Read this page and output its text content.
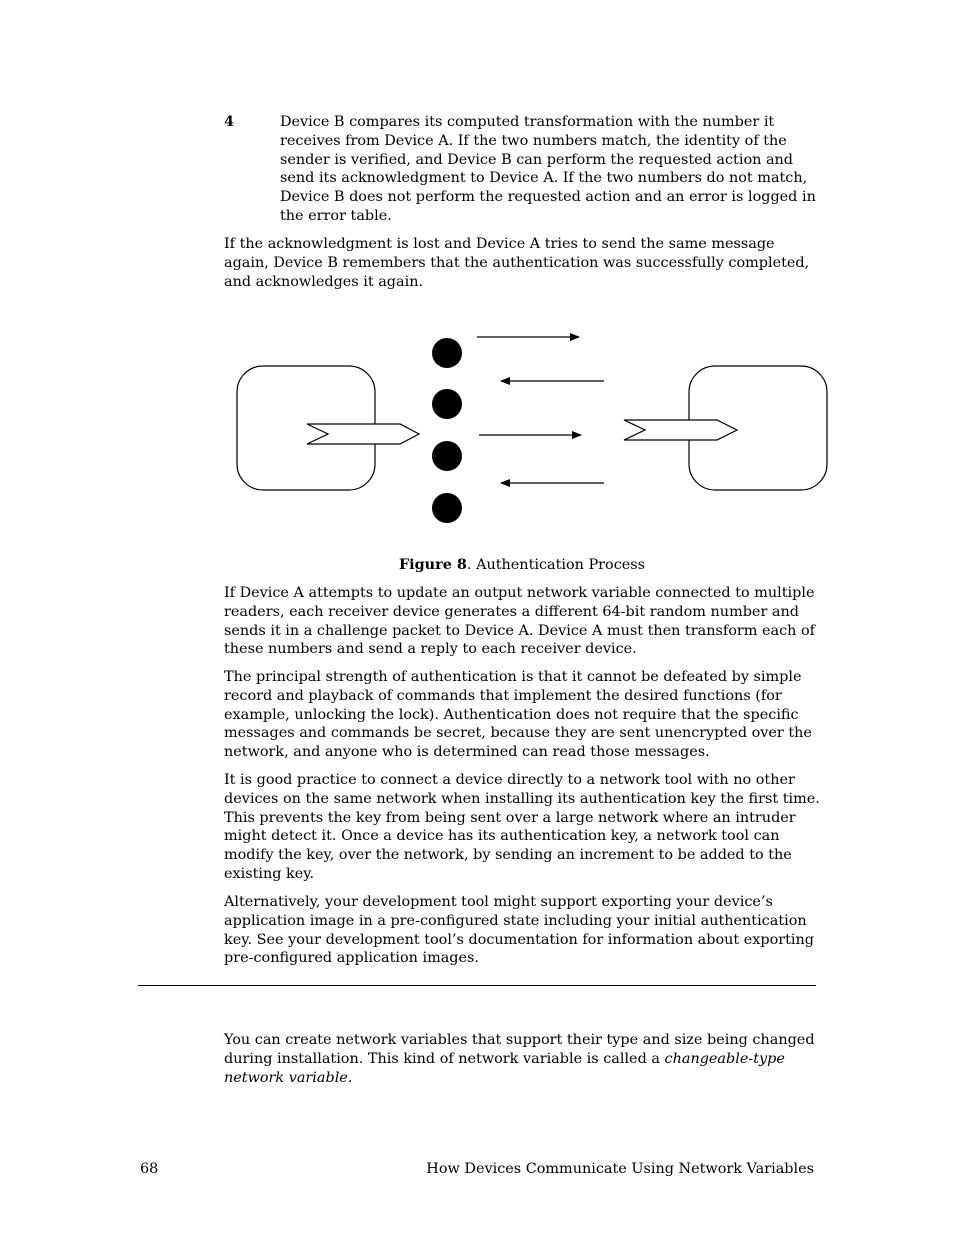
4	Device B compares its computed transformation with the number it receives from Device A. If the two numbers match, the identity of the sender is verified, and Device B can perform the requested action and send its acknowledgment to Device A. If the two numbers do not match, Device B does not perform the requested action and an error is logged in the error table.

If the acknowledgment is lost and Device A tries to send the same message again, Device B remembers that the authentication was successfully completed, and acknowledges it again.

Figure 8. Authentication Process

If Device A attempts to update an output network variable connected to multiple readers, each receiver device generates a different 64-bit random number and sends it in a challenge packet to Device A. Device A must then transform each of these numbers and send a reply to each receiver device.

The principal strength of authentication is that it cannot be defeated by simple record and playback of commands that implement the desired functions (for example, unlocking the lock). Authentication does not require that the specific messages and commands be secret, because they are sent unencrypted over the network, and anyone who is determined can read those messages.

It is good practice to connect a device directly to a network tool with no other devices on the same network when installing its authentication key the first time. This prevents the key from being sent over a large network where an intruder might detect it. Once a device has its authentication key, a network tool can modify the key, over the network, by sending an increment to be added to the existing key.

Alternatively, your development tool might support exporting your device’s application image in a pre-configured state including your initial authentication key. See your development tool’s documentation for information about exporting pre-configured application images.

You can create network variables that support their type and size being changed during installation. This kind of network variable is called a changeable-type network variable.

68	How Devices Communicate Using Network Variables
